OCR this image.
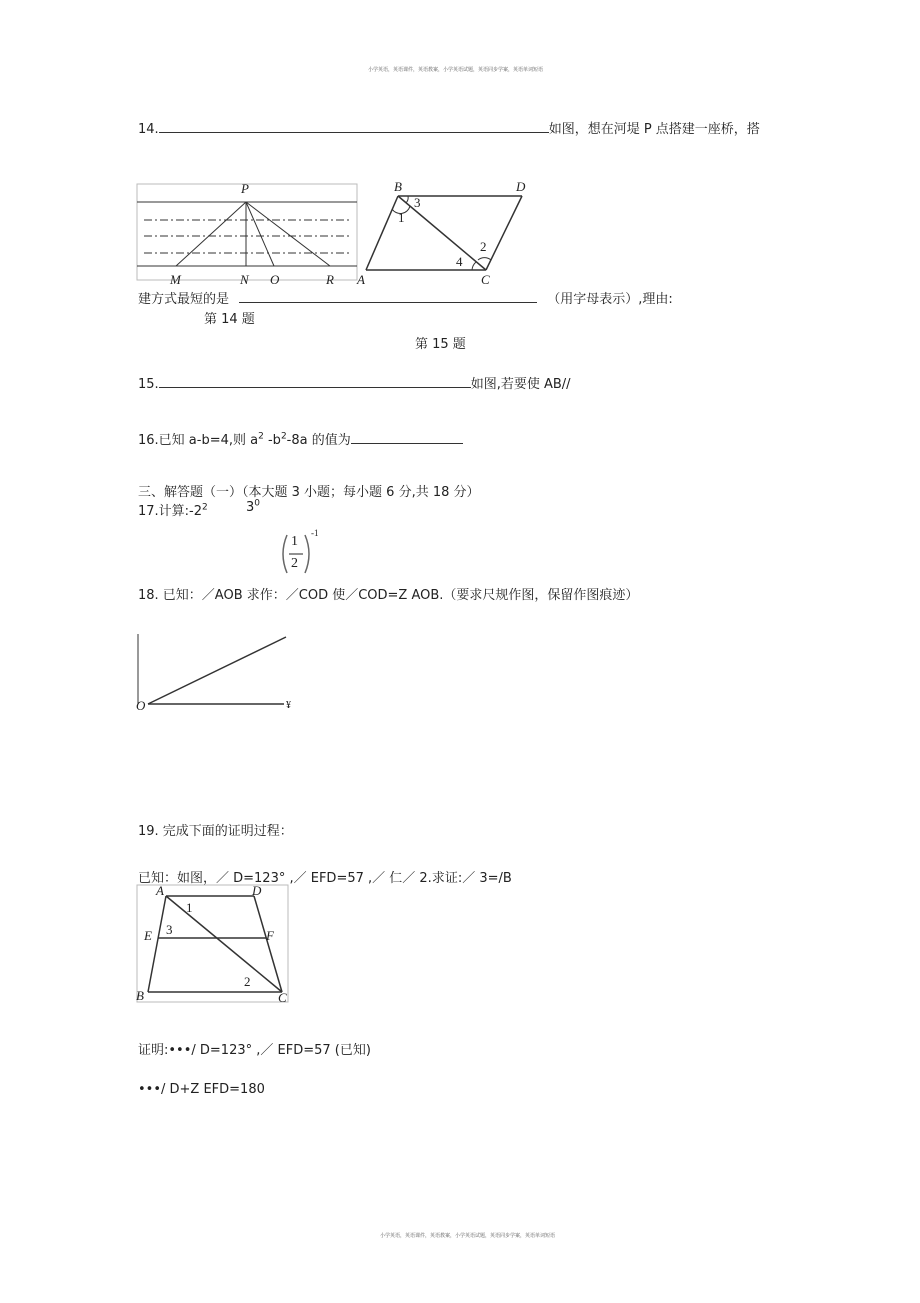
小学英语，英语课件，英语教案，小学英语试题，英语同步学案，英语单词短语
小学英语，英语课件，英语教案，小学英语试题，英语同步学案，英语单词短语
14.	如图，想在河堤 P 点搭建一座桥，搭
P
M	N O	R
B	D
A	C
1
3
2
4
建方式最短的是	（用字母表示）,理由:
第 14 题
第 15 题
15.	如图,若要使 AB//
16.已知 a-b=4,则 $a^2$ $-b^2-8a$ 的值为
三、解答题（一）（本大题 3 小题；每小题 6 分,共 18 分）
17.计算$:-2^2$	$3^0$
1
2
-1
18. 已知：／AOB 求作：／COD 使／COD=Z AOB.（要求尺规作图，保留作图痕迹）
O	¥
19. 完成下面的证明过程：
已知：如图，／ D=123° ,／ EFD=57 ,／ 仁／ 2.求证:／ 3=/B
A	D
E	F
B	C
1
3
2
证明:•••/ D=123° ,／ EFD=57 (已知)
•••/ D+Z EFD=180
